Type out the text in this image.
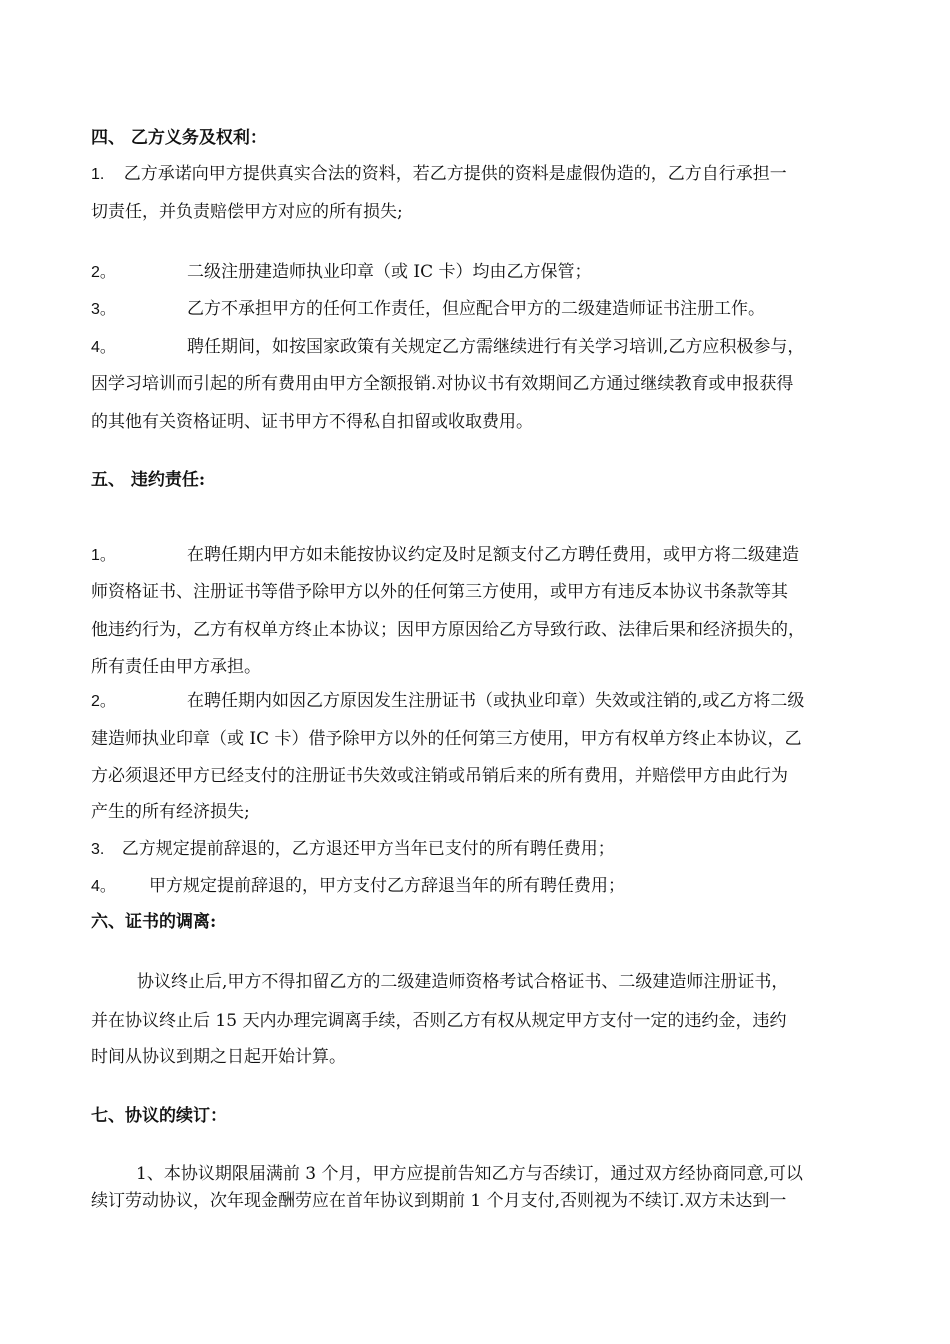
四、 乙方义务及权利：
1. 乙方承诺向甲方提供真实合法的资料，若乙方提供的资料是虚假伪造的，乙方自行承担一
切责任，并负责赔偿甲方对应的所有损失;
2。	二级注册建造师执业印章（或 IC 卡）均由乙方保管；
3。	乙方不承担甲方的任何工作责任，但应配合甲方的二级建造师证书注册工作。
4。	聘任期间，如按国家政策有关规定乙方需继续进行有关学习培训,乙方应积极参与，
因学习培训而引起的所有费用由甲方全额报销.对协议书有效期间乙方通过继续教育或申报获得
的其他有关资格证明、证书甲方不得私自扣留或收取费用。
五、 违约责任:
1。	在聘任期内甲方如未能按协议约定及时足额支付乙方聘任费用，或甲方将二级建造
师资格证书、注册证书等借予除甲方以外的任何第三方使用，或甲方有违反本协议书条款等其
他违约行为，乙方有权单方终止本协议；因甲方原因给乙方导致行政、法律后果和经济损失的，
所有责任由甲方承担。
2。	在聘任期内如因乙方原因发生注册证书（或执业印章）失效或注销的,或乙方将二级
建造师执业印章（或 IC 卡）借予除甲方以外的任何第三方使用，甲方有权单方终止本协议，乙
方必须退还甲方已经支付的注册证书失效或注销或吊销后来的所有费用，并赔偿甲方由此行为
产生的所有经济损失;
3. 乙方规定提前辞退的，乙方退还甲方当年已支付的所有聘任费用；
4。 甲方规定提前辞退的，甲方支付乙方辞退当年的所有聘任费用；
六、证书的调离:
协议终止后,甲方不得扣留乙方的二级建造师资格考试合格证书、二级建造师注册证书，
并在协议终止后 15 天内办理完调离手续，否则乙方有权从规定甲方支付一定的违约金，违约
时间从协议到期之日起开始计算。
七、协议的续订：
1、本协议期限届满前 3 个月，甲方应提前告知乙方与否续订，通过双方经协商同意,可以
续订劳动协议，次年现金酬劳应在首年协议到期前 1 个月支付,否则视为不续订.双方未达到一
